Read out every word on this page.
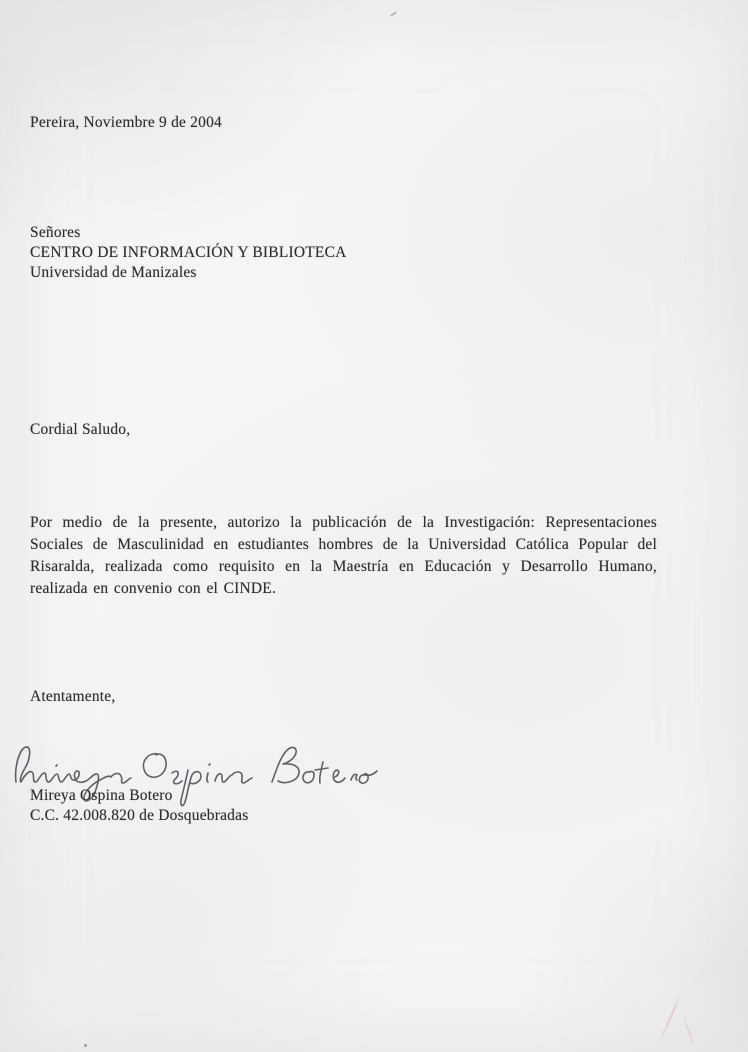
Pereira, Noviembre 9 de 2004
Señores
CENTRO DE INFORMACIÓN Y BIBLIOTECA
Universidad de Manizales
Cordial Saludo,

Por medio de la presente, autorizo la publicación de la Investigación: Representaciones Sociales de Masculinidad en estudiantes hombres de la Universidad Católica Popular del Risaralda, realizada como requisito en la Maestría en Educación y Desarrollo Humano, realizada en convenio con el CINDE.

Atentamente,
Mireya Ospina Botero
C.C. 42.008.820 de Dosquebradas
